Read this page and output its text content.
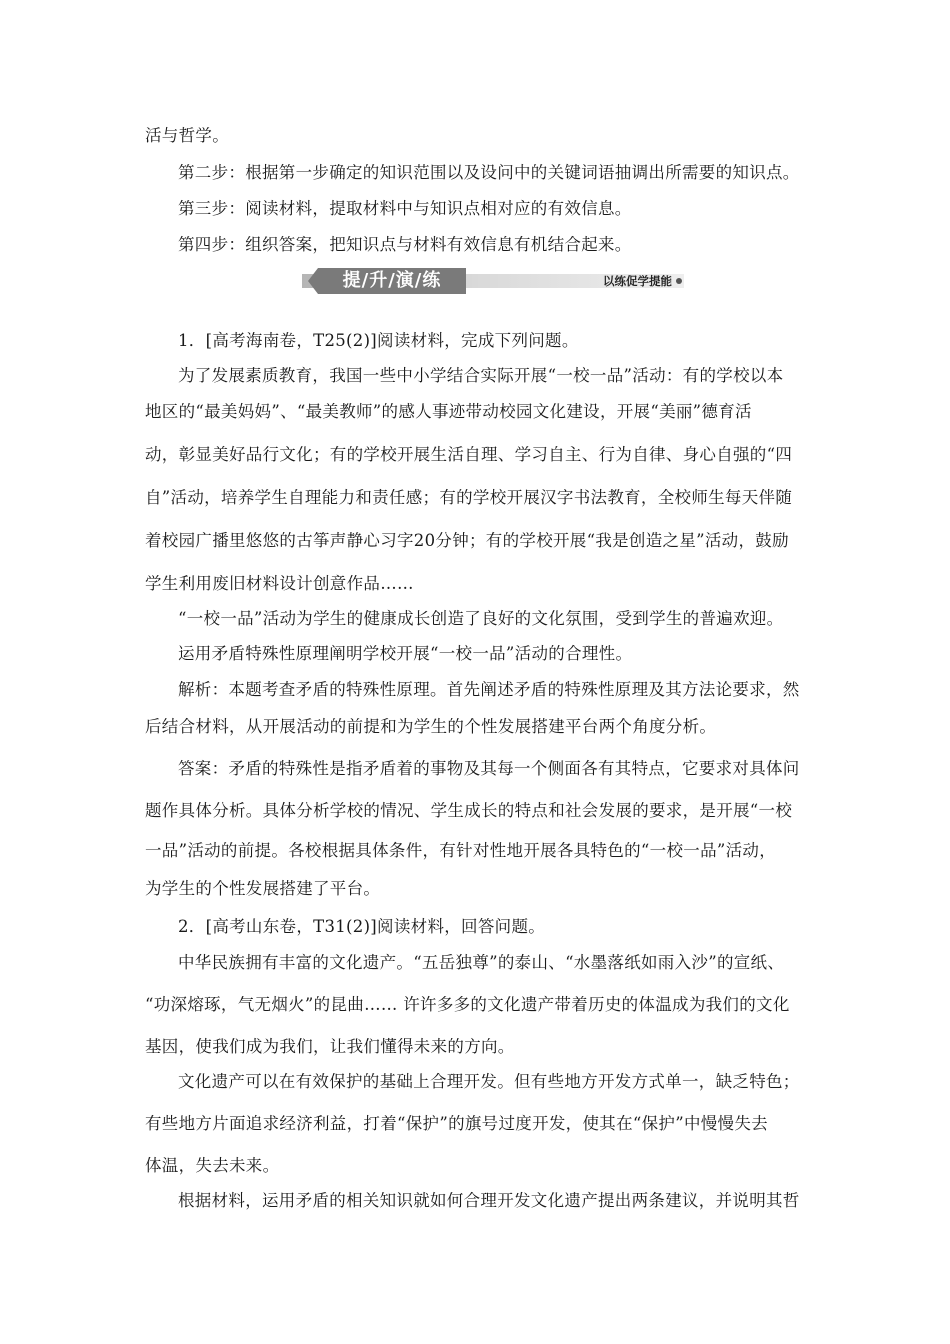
活与哲学。
第二步：根据第一步确定的知识范围以及设问中的关键词语抽调出所需要的知识点。
第三步：阅读材料，提取材料中与知识点相对应的有效信息。
第四步：组织答案，把知识点与材料有效信息有机结合起来。
提/升/演/练	以练促学提能
1．[高考海南卷，T25(2)]阅读材料，完成下列问题。
为了发展素质教育，我国一些中小学结合实际开展“一校一品”活动：有的学校以本
地区的“最美妈妈”、“最美教师”的感人事迹带动校园文化建设，开展“美丽”德育活
动，彰显美好品行文化；有的学校开展生活自理、学习自主、行为自律、身心自强的“四
自”活动，培养学生自理能力和责任感；有的学校开展汉字书法教育，全校师生每天伴随
着校园广播里悠悠的古筝声静心习字20分钟；有的学校开展“我是创造之星”活动，鼓励
学生利用废旧材料设计创意作品……
“一校一品”活动为学生的健康成长创造了良好的文化氛围，受到学生的普遍欢迎。
运用矛盾特殊性原理阐明学校开展“一校一品”活动的合理性。
解析：本题考查矛盾的特殊性原理。首先阐述矛盾的特殊性原理及其方法论要求，然
后结合材料，从开展活动的前提和为学生的个性发展搭建平台两个角度分析。
答案：矛盾的特殊性是指矛盾着的事物及其每一个侧面各有其特点，它要求对具体问
题作具体分析。具体分析学校的情况、学生成长的特点和社会发展的要求，是开展“一校
一品”活动的前提。各校根据具体条件，有针对性地开展各具特色的“一校一品”活动，
为学生的个性发展搭建了平台。
2．[高考山东卷，T31(2)]阅读材料，回答问题。
中华民族拥有丰富的文化遗产。“五岳独尊”的泰山、“水墨落纸如雨入沙”的宣纸、
“功深熔琢，气无烟火”的昆曲…… 许许多多的文化遗产带着历史的体温成为我们的文化
基因，使我们成为我们，让我们懂得未来的方向。
文化遗产可以在有效保护的基础上合理开发。但有些地方开发方式单一，缺乏特色；
有些地方片面追求经济利益，打着“保护”的旗号过度开发，使其在“保护”中慢慢失去
体温，失去未来。
根据材料，运用矛盾的相关知识就如何合理开发文化遗产提出两条建议，并说明其哲
